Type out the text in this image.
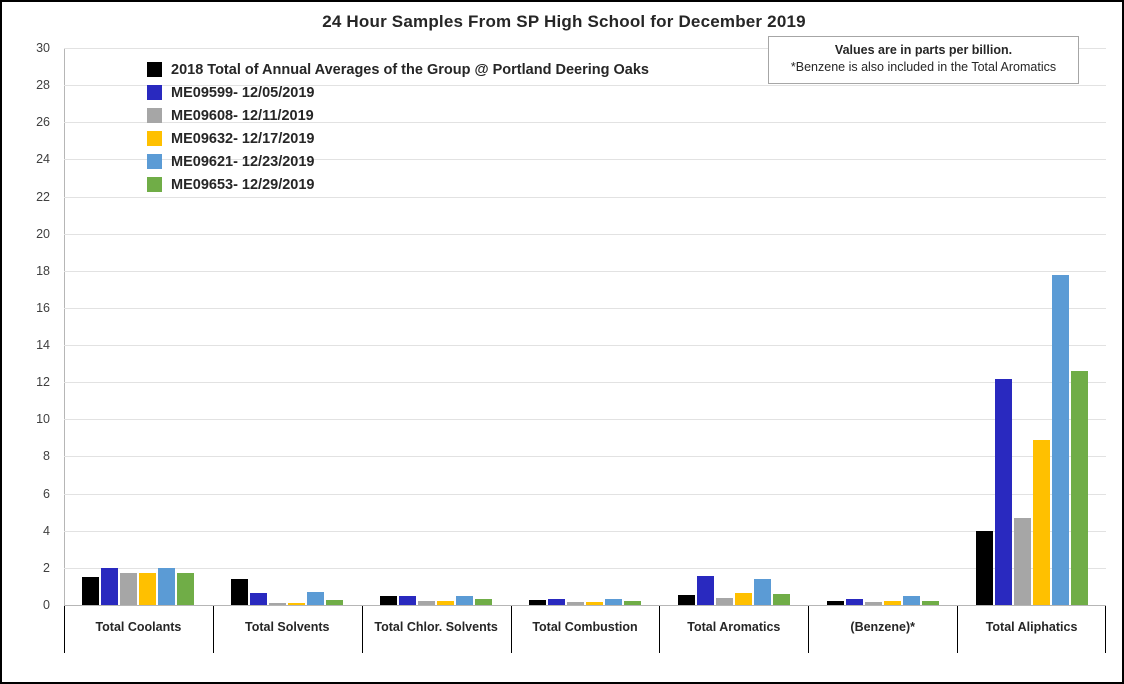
24 Hour Samples From SP High School for December 2019
0
2
4
6
8
10
12
14
16
18
20
22
24
26
28
30
Total Coolants	Total Solvents	Total Chlor. Solvents	Total Combustion	Total Aromatics	(Benzene)*	Total Aliphatics
2018 Total of Annual Averages of the Group @ Portland Deering Oaks
ME09599- 12/05/2019
ME09608- 12/11/2019
ME09632- 12/17/2019
ME09621- 12/23/2019
ME09653- 12/29/2019
Values are in parts per billion.
*Benzene is also included in the Total Aromatics
